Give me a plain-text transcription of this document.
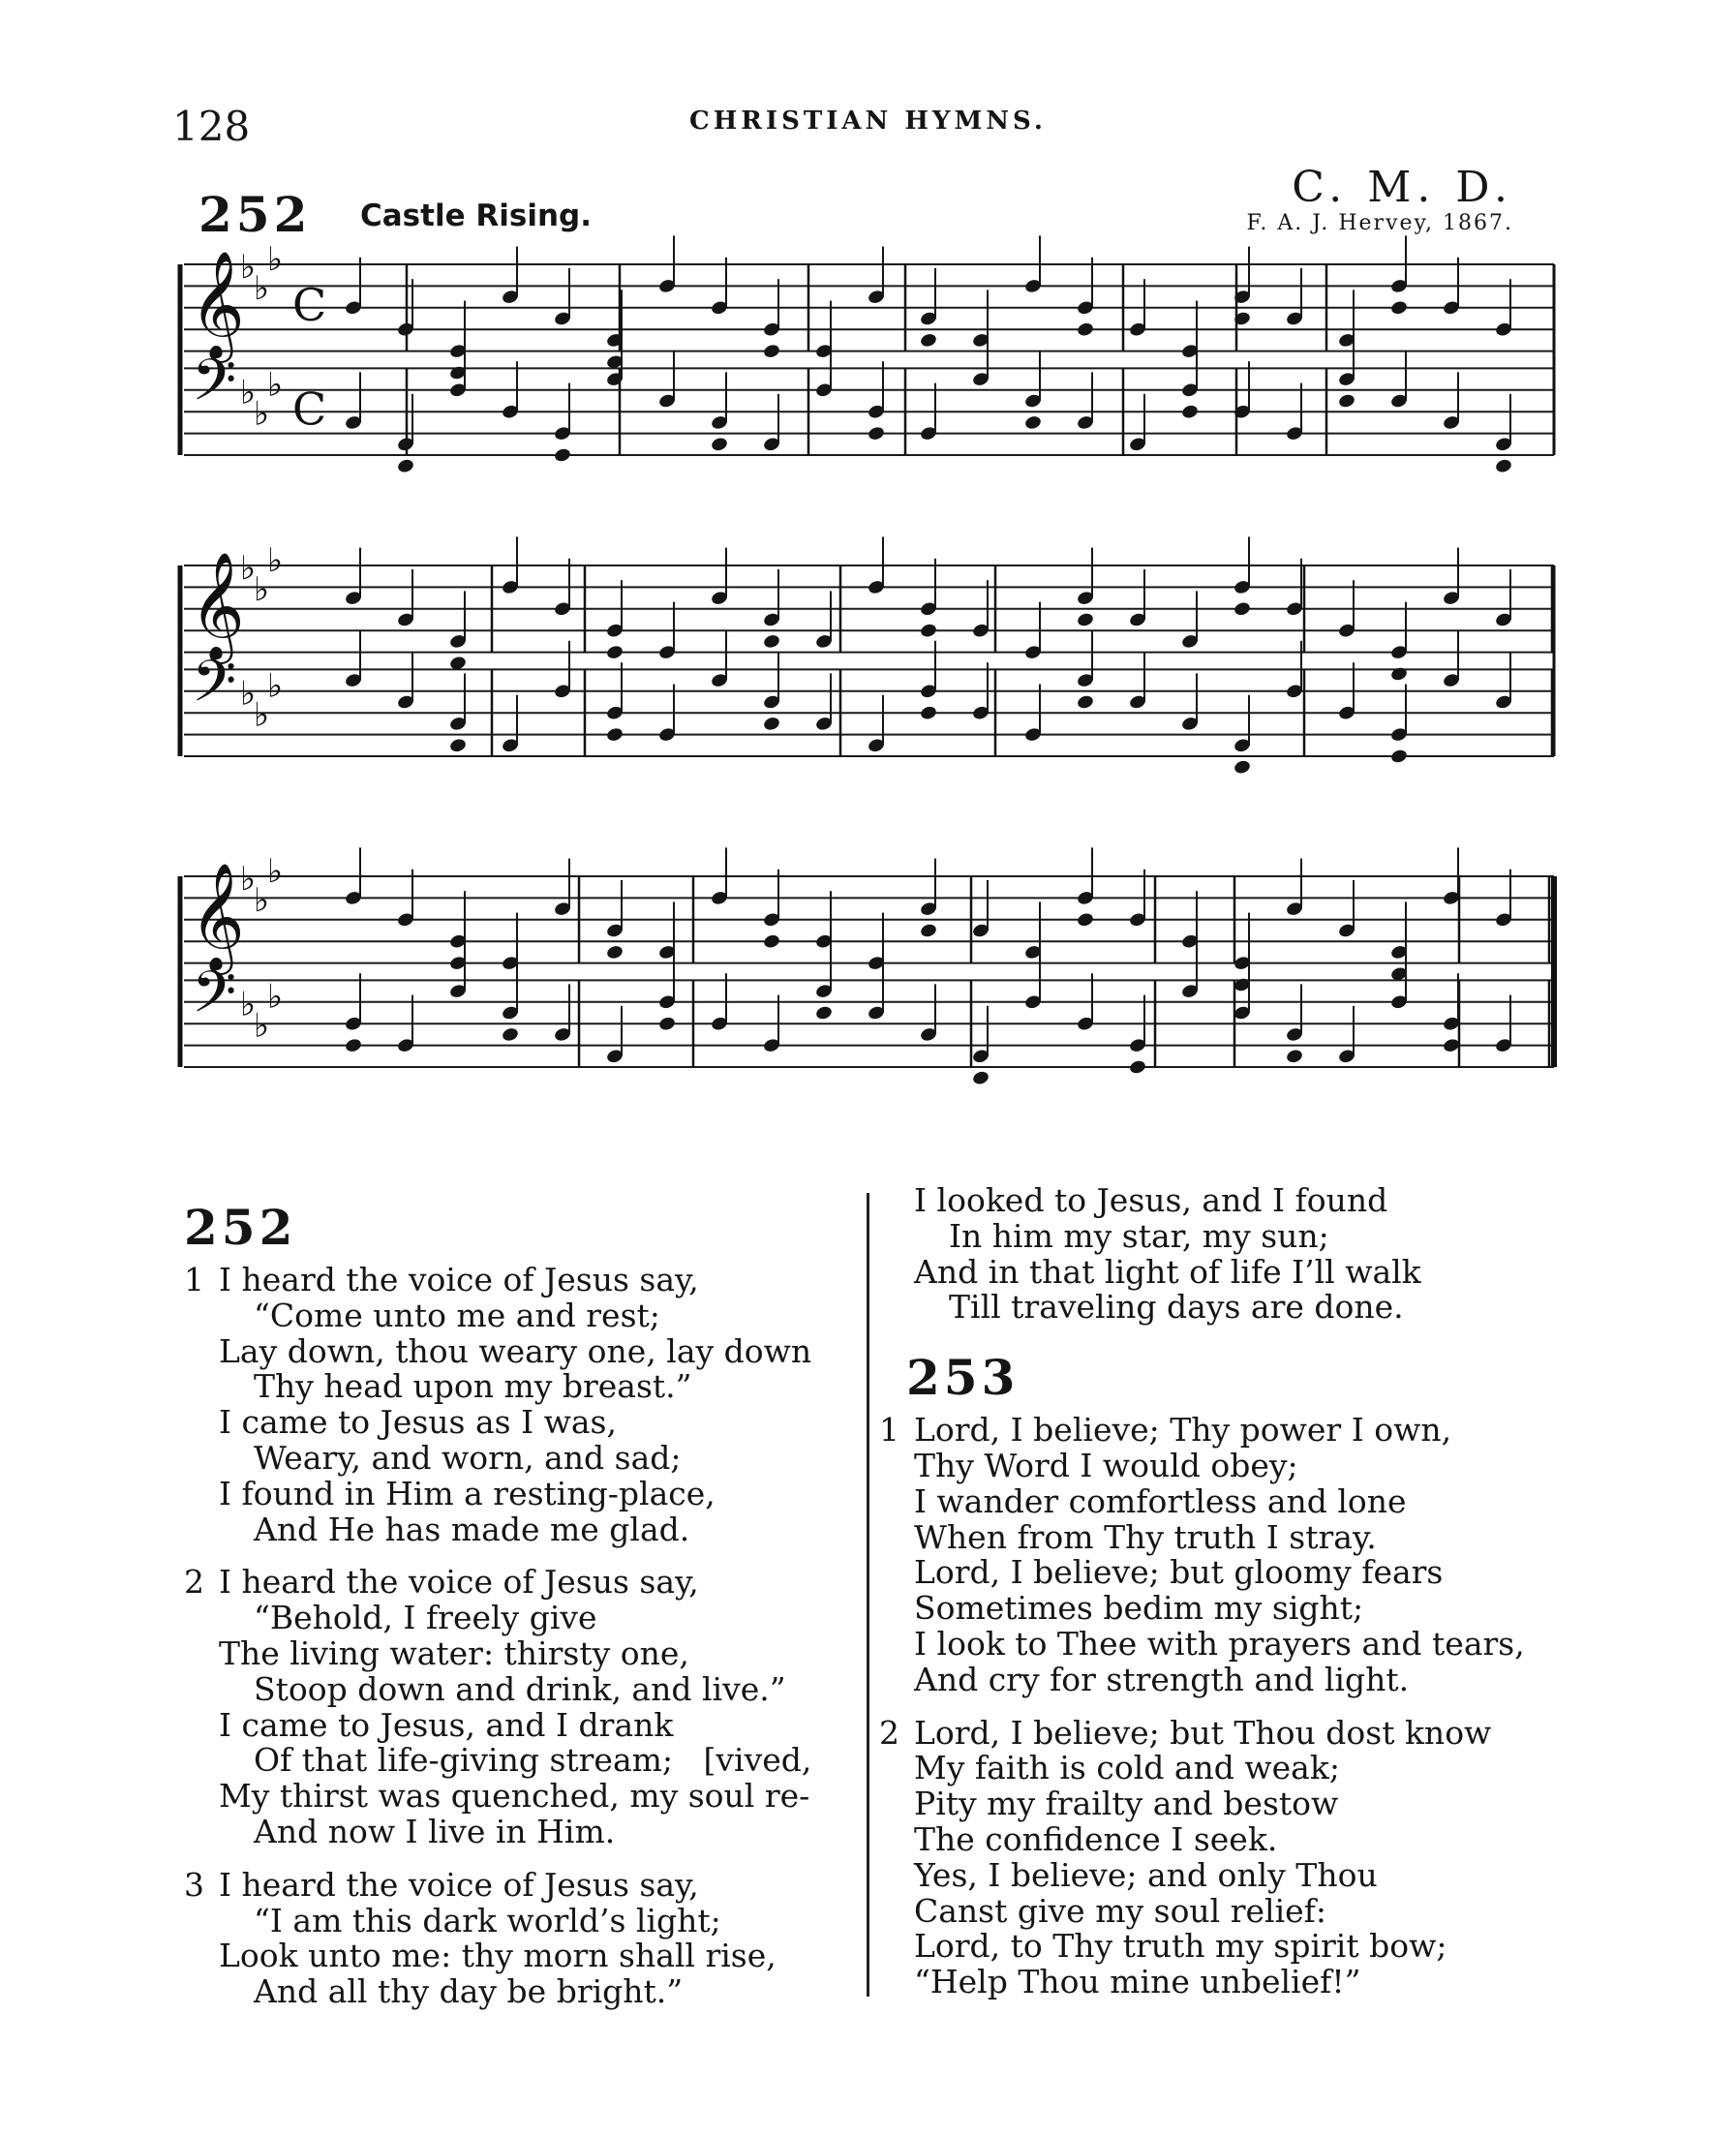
128	CHRISTIAN HYMNS.
252 Castle Rising.
C. M. D.
F. A. J. Hervey, 1867.
𝄞
𝄢
♭
♭
♭
♭
♭
♭
C
C
𝄞
𝄢
♭
♭
♭
♭
♭
♭
𝄞
𝄢
♭
♭
♭
♭
♭
♭
252
1 I heard the voice of Jesus say,
“Come unto me and rest;
Lay down, thou weary one, lay down
Thy head upon my breast.”
I came to Jesus as I was,
Weary, and worn, and sad;
I found in Him a resting-place,
And He has made me glad.
2 I heard the voice of Jesus say,
“Behold, I freely give
The living water: thirsty one,
Stoop down and drink, and live.”
I came to Jesus, and I drank
Of that life-giving stream;   [vived,
My thirst was quenched, my soul re-
And now I live in Him.
3 I heard the voice of Jesus say,
“I am this dark world’s light;
Look unto me: thy morn shall rise,
And all thy day be bright.”
I looked to Jesus, and I found
In him my star, my sun;
And in that light of life I’ll walk
Till traveling days are done.
253
1 Lord, I believe; Thy power I own,
Thy Word I would obey;
I wander comfortless and lone
When from Thy truth I stray.
Lord, I believe; but gloomy fears
Sometimes bedim my sight;
I look to Thee with prayers and tears,
And cry for strength and light.
2 Lord, I believe; but Thou dost know
My faith is cold and weak;
Pity my frailty and bestow
The confidence I seek.
Yes, I believe; and only Thou
Canst give my soul relief:
Lord, to Thy truth my spirit bow;
“Help Thou mine unbelief!”
